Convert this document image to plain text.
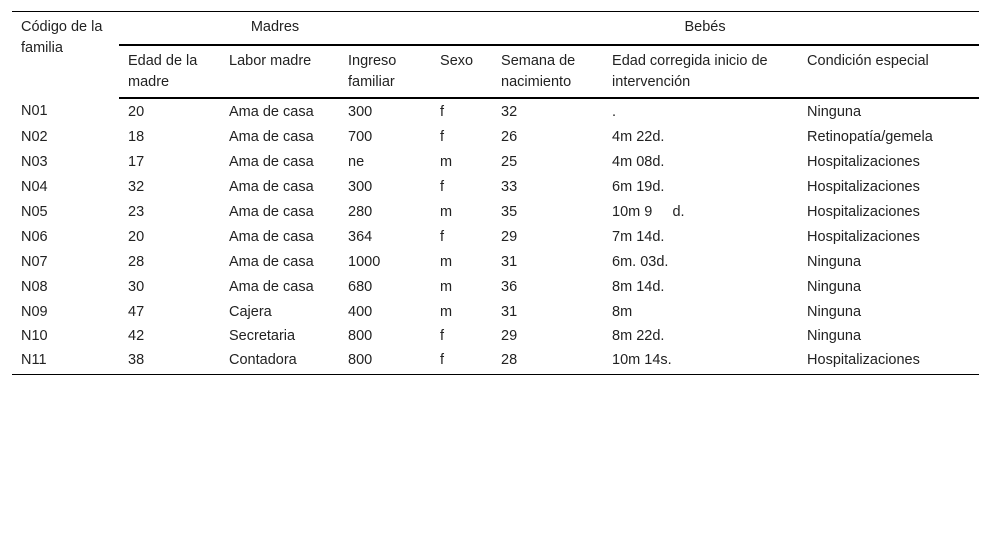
Código de la familia	Madres			Bebés			
	Edad de la madre	Labor madre	Ingreso familiar	Sexo	Semana de nacimiento	Edad corregida inicio de intervención	Condición especial
N01	20	Ama de casa	300	f	32	.	Ninguna
N02	18	Ama de casa	700	f	26	4m 22d.	Retinopatía/gemela
N03	17	Ama de casa	ne	m	25	4m 08d.	Hospitalizaciones
N04	32	Ama de casa	300	f	33	6m 19d.	Hospitalizaciones
N05	23	Ama de casa	280	m	35	10m 9     d.	Hospitalizaciones
N06	20	Ama de casa	364	f	29	7m 14d.	Hospitalizaciones
N07	28	Ama de casa	1000	m	31	6m. 03d.	Ninguna
N08	30	Ama de casa	680	m	36	8m 14d.	Ninguna
N09	47	Cajera	400	m	31	8m	Ninguna
N10	42	Secretaria	800	f	29	8m 22d.	Ninguna
N11	38	Contadora	800	f	28	10m 14s.	Hospitalizaciones
